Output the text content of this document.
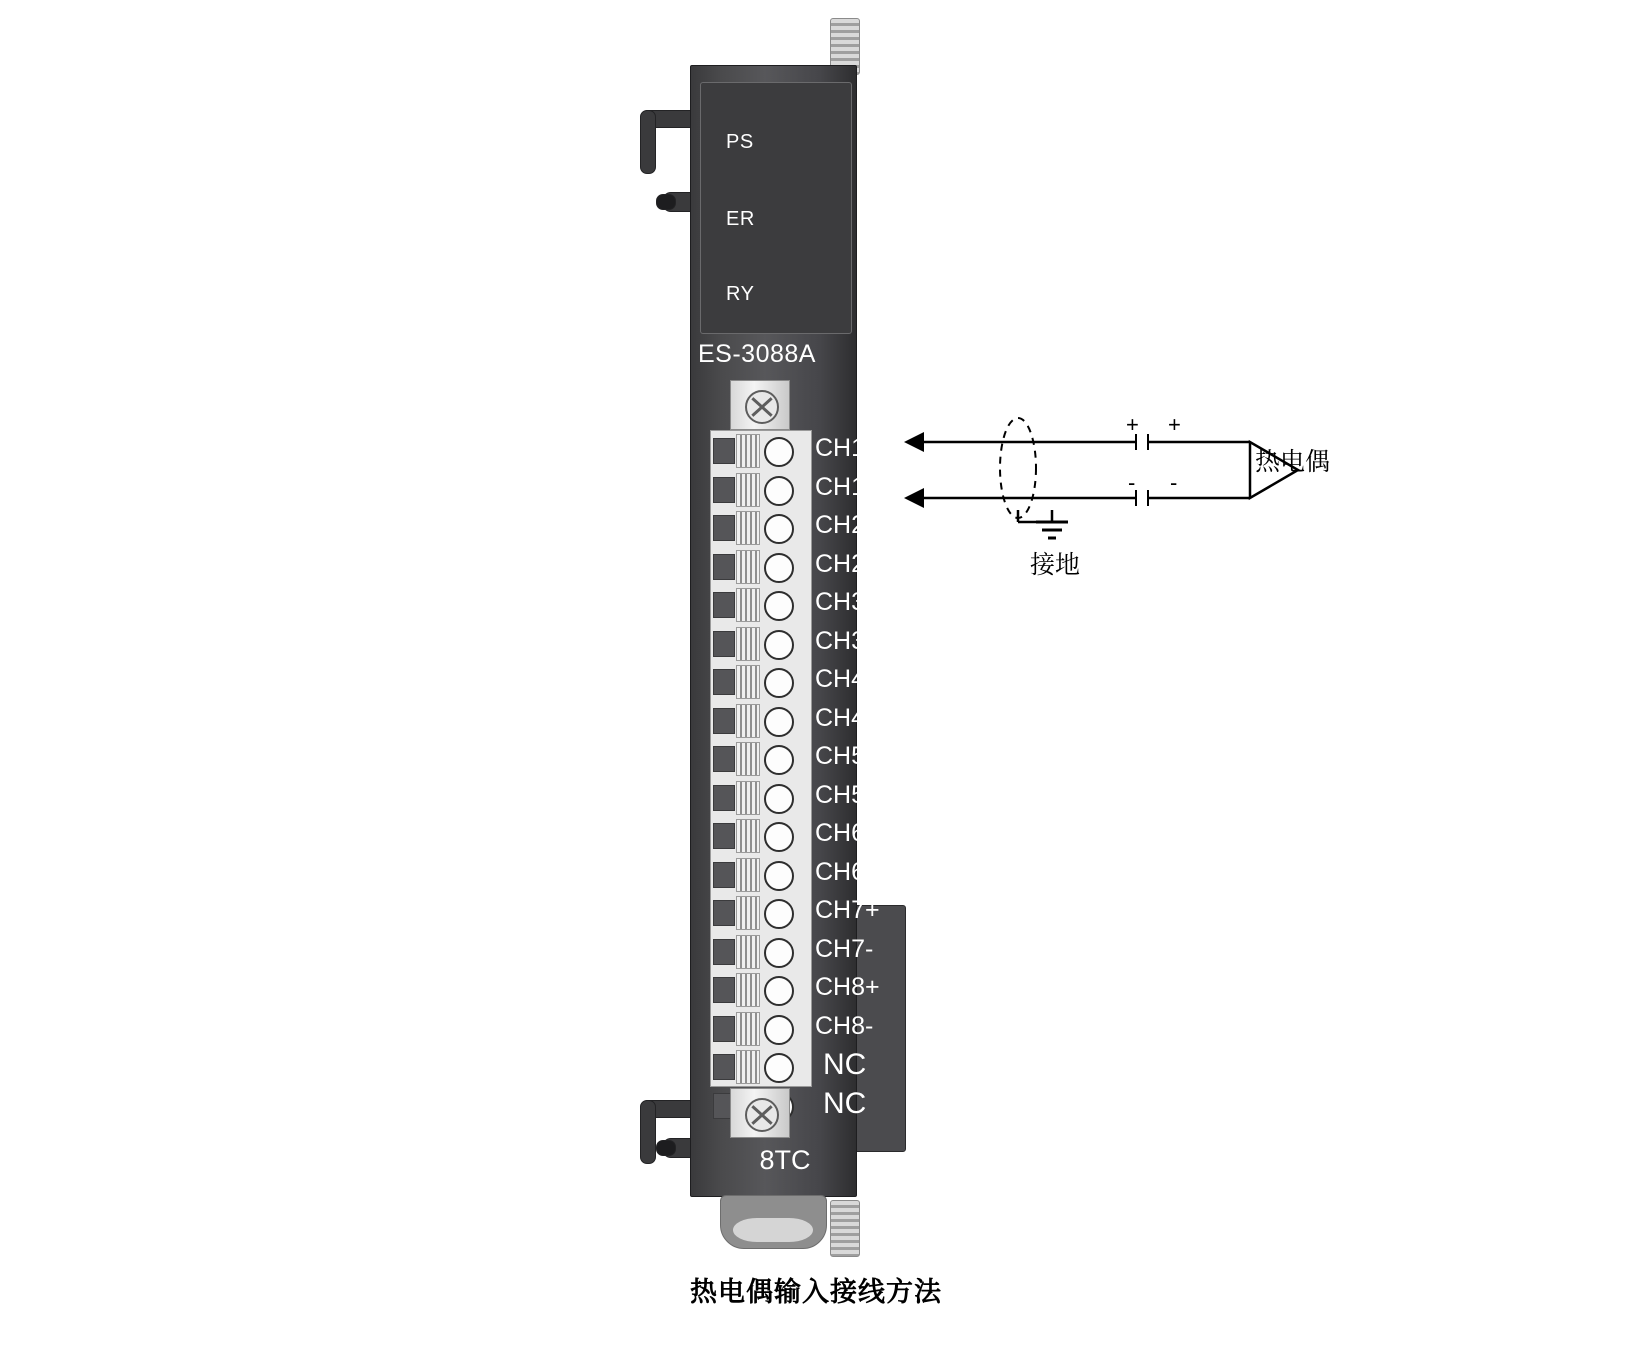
PS
ER
RY
ES-3088A
CH1+
CH1-
CH2+
CH2-
CH3+
CH3-
CH4+
CH4-
CH5+
CH5-
CH6+
CH6-
CH7+
CH7-
CH8+
CH8-
NC
NC
8TC
+ +
- -
热电偶
接地
热电偶输入接线方法
